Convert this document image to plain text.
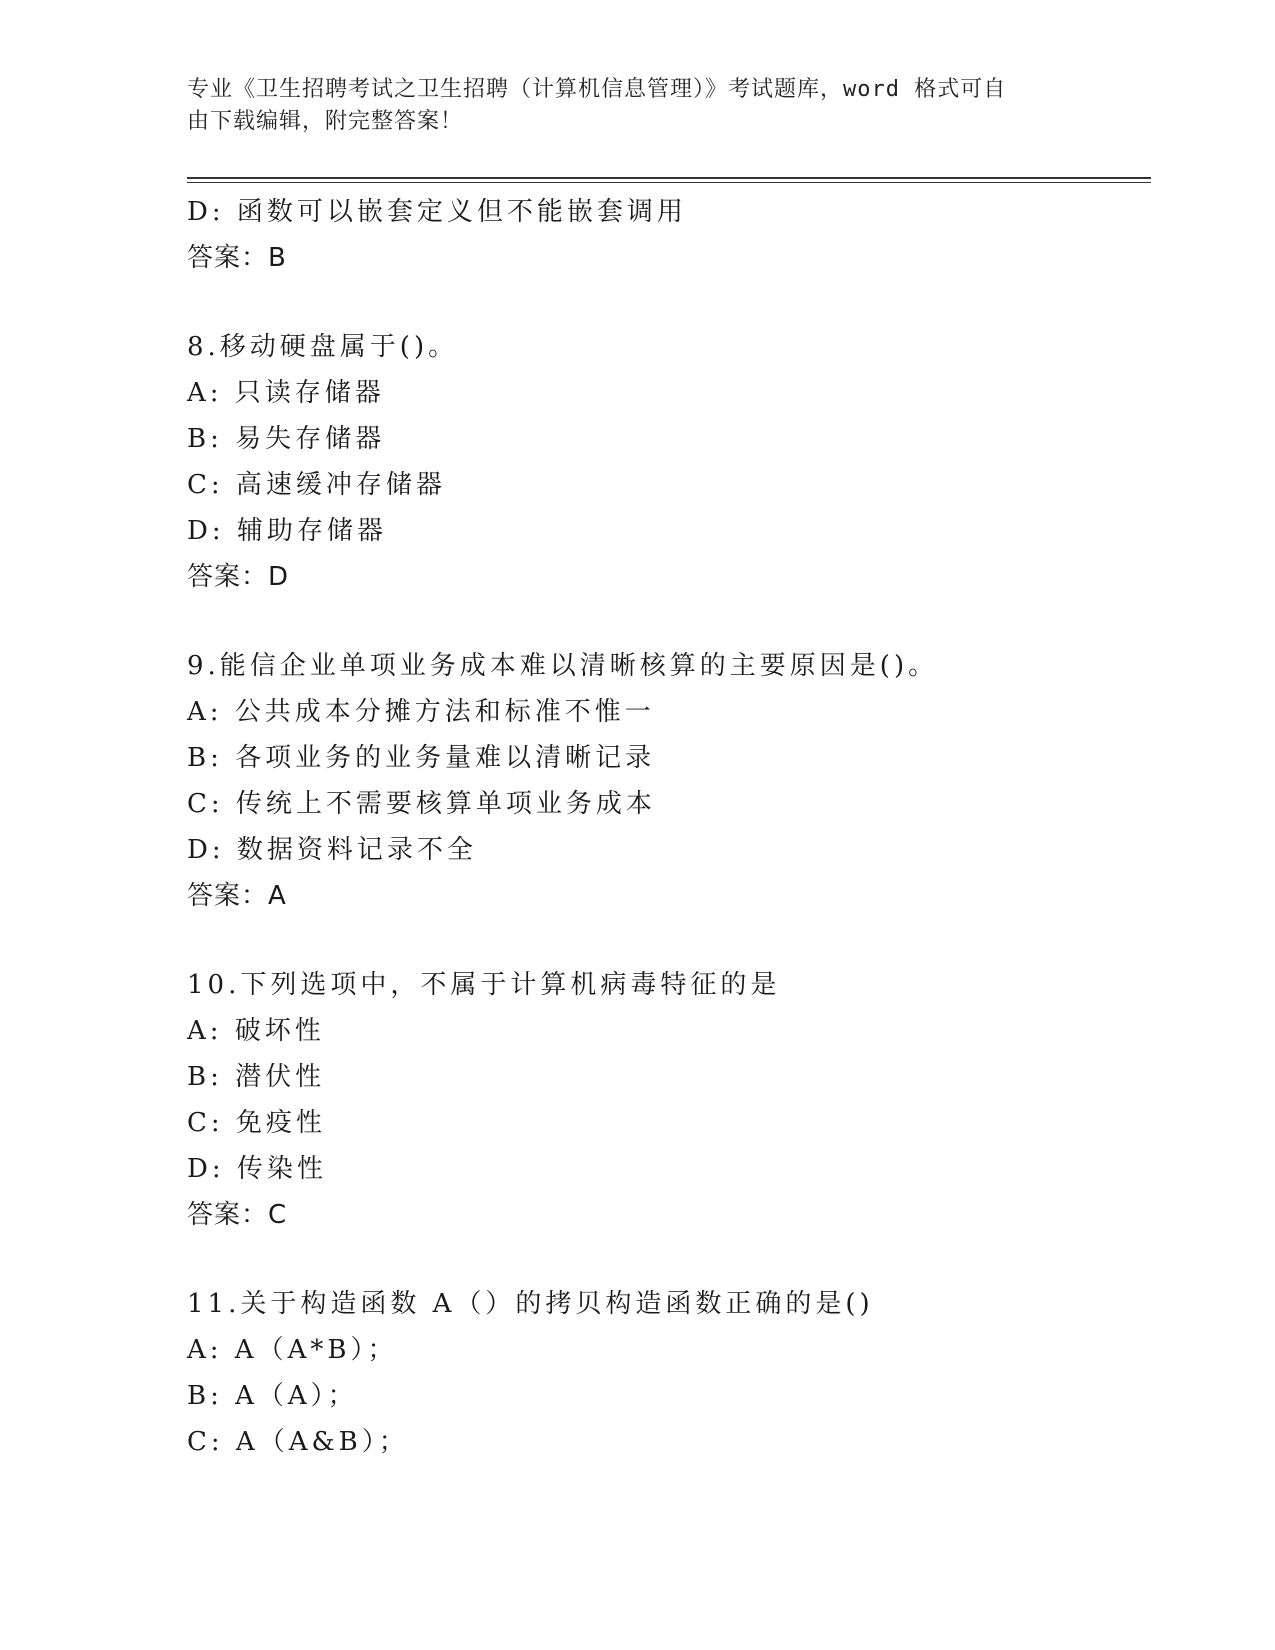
专业《卫生招聘考试之卫生招聘（计算机信息管理）》考试题库，word 格式可自
由下载编辑，附完整答案！
D: 函数可以嵌套定义但不能嵌套调用
答案：B
8.移动硬盘属于()。
A: 只读存储器
B: 易失存储器
C: 高速缓冲存储器
D: 辅助存储器
答案：D
9.能信企业单项业务成本难以清晰核算的主要原因是()。
A: 公共成本分摊方法和标准不惟一
B: 各项业务的业务量难以清晰记录
C: 传统上不需要核算单项业务成本
D: 数据资料记录不全
答案：A
10.下列选项中，不属于计算机病毒特征的是
A: 破坏性
B: 潜伏性
C: 免疫性
D: 传染性
答案：C
11.关于构造函数 A（）的拷贝构造函数正确的是()
A: A（A*B）；
B: A（A）；
C: A（A&B）；
